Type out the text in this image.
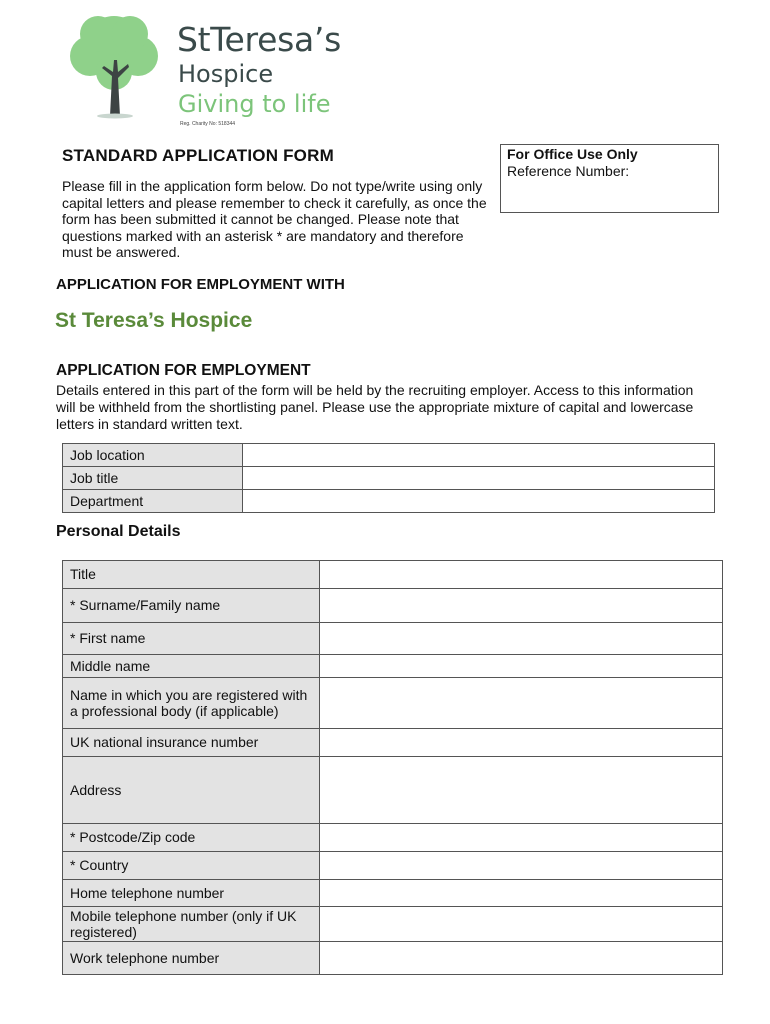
StTeresa’s
Hospice
Giving to life
Reg. Charity No: 518344
STANDARD APPLICATION FORM
Please fill in the application form below. Do not type/write using only capital letters and please remember to check it carefully, as once the form has been submitted it cannot be changed. Please note that questions marked with an asterisk * are mandatory and therefore must be answered.
For Office Use Only
Reference Number:
APPLICATION FOR EMPLOYMENT WITH
St Teresa’s Hospice
APPLICATION FOR EMPLOYMENT
Details entered in this part of the form will be held by the recruiting employer. Access to this information will be withheld from the shortlisting panel. Please use the appropriate mixture of capital and lowercase letters in standard written text.
Job location	
Job title	
Department	
Personal Details
Title	
* Surname/Family name	
* First name	
Middle name	
Name in which you are registered with a professional body (if applicable)	
UK national insurance number	
Address	
* Postcode/Zip code	
* Country	
Home telephone number	
Mobile telephone number (only if UK registered)	
Work telephone number	
